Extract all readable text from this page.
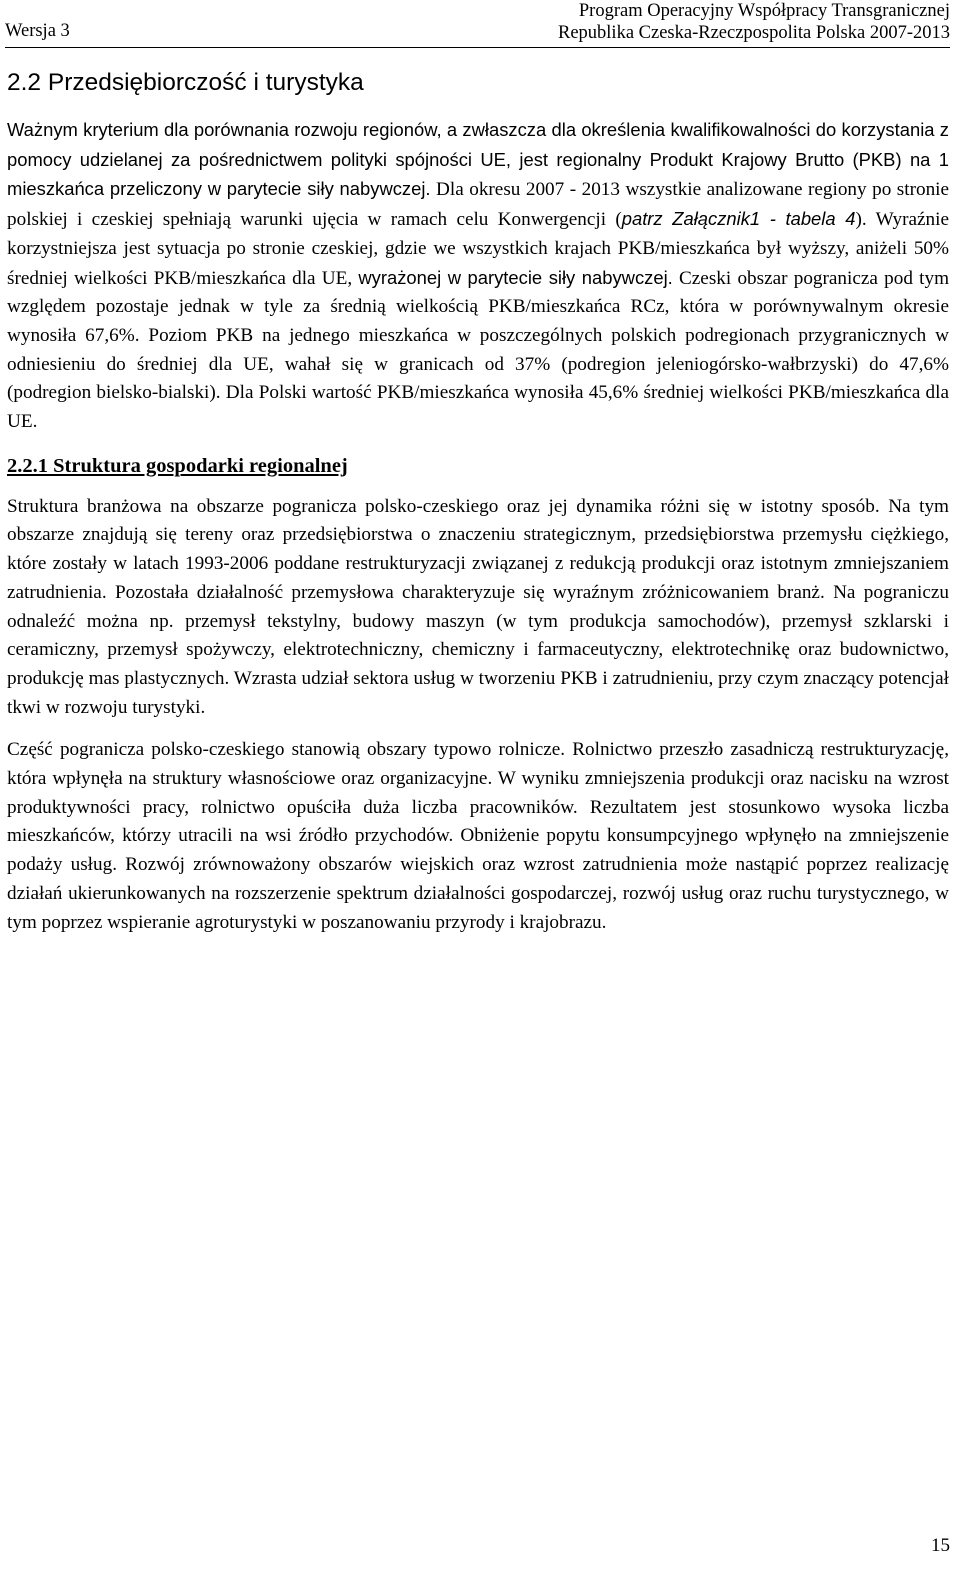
Wersja 3
Program Operacyjny Współpracy Transgranicznej
Republika Czeska-Rzeczpospolita Polska 2007-2013
2.2 Przedsiębiorczość i turystyka

Ważnym kryterium dla porównania rozwoju regionów, a zwłaszcza dla określenia kwalifikowalności do korzystania z pomocy udzielanej za pośrednictwem polityki spójności UE, jest regionalny Produkt Krajowy Brutto (PKB) na 1 mieszkańca przeliczony w parytecie siły nabywczej. Dla okresu 2007 - 2013 wszystkie analizowane regiony po stronie polskiej i czeskiej spełniają warunki ujęcia w ramach celu Konwergencji (patrz Załącznik1 - tabela 4). Wyraźnie korzystniejsza jest sytuacja po stronie czeskiej, gdzie we wszystkich krajach PKB/mieszkańca był wyższy, aniżeli 50% średniej wielkości PKB/mieszkańca dla UE, wyrażonej w parytecie siły nabywczej. Czeski obszar pogranicza pod tym względem pozostaje jednak w tyle za średnią wielkością PKB/mieszkańca RCz, która w porównywalnym okresie wynosiła 67,6%. Poziom PKB na jednego mieszkańca w poszczególnych polskich podregionach przygranicznych w odniesieniu do średniej dla UE, wahał się w granicach od 37% (podregion jeleniogórsko-wałbrzyski) do 47,6% (podregion bielsko-bialski). Dla Polski wartość PKB/mieszkańca wynosiła 45,6% średniej wielkości PKB/mieszkańca dla UE.

2.2.1 Struktura gospodarki regionalnej

Struktura branżowa na obszarze pogranicza polsko-czeskiego oraz jej dynamika różni się w istotny sposób. Na tym obszarze znajdują się tereny oraz przedsiębiorstwa o znaczeniu strategicznym, przedsiębiorstwa przemysłu ciężkiego, które zostały w latach 1993-2006 poddane restrukturyzacji związanej z redukcją produkcji oraz istotnym zmniejszaniem zatrudnienia. Pozostała działalność przemysłowa charakteryzuje się wyraźnym zróżnicowaniem branż. Na pograniczu odnaleźć można np. przemysł tekstylny, budowy maszyn (w tym produkcja samochodów), przemysł szklarski i ceramiczny, przemysł spożywczy, elektrotechniczny, chemiczny i farmaceutyczny, elektrotechnikę oraz budownictwo, produkcję mas plastycznych. Wzrasta udział sektora usług w tworzeniu PKB i zatrudnieniu, przy czym znaczący potencjał tkwi w rozwoju turystyki.

Część pogranicza polsko-czeskiego stanowią obszary typowo rolnicze. Rolnictwo przeszło zasadniczą restrukturyzację, która wpłynęła na struktury własnościowe oraz organizacyjne. W wyniku zmniejszenia produkcji oraz nacisku na wzrost produktywności pracy, rolnictwo opuściła duża liczba pracowników. Rezultatem jest stosunkowo wysoka liczba mieszkańców, którzy utracili na wsi źródło przychodów. Obniżenie popytu konsumpcyjnego wpłynęło na zmniejszenie podaży usług. Rozwój zrównoważony obszarów wiejskich oraz wzrost zatrudnienia może nastąpić poprzez realizację działań ukierunkowanych na rozszerzenie spektrum działalności gospodarczej, rozwój usług oraz ruchu turystycznego, w tym poprzez wspieranie agroturystyki w poszanowaniu przyrody i krajobrazu.

15
